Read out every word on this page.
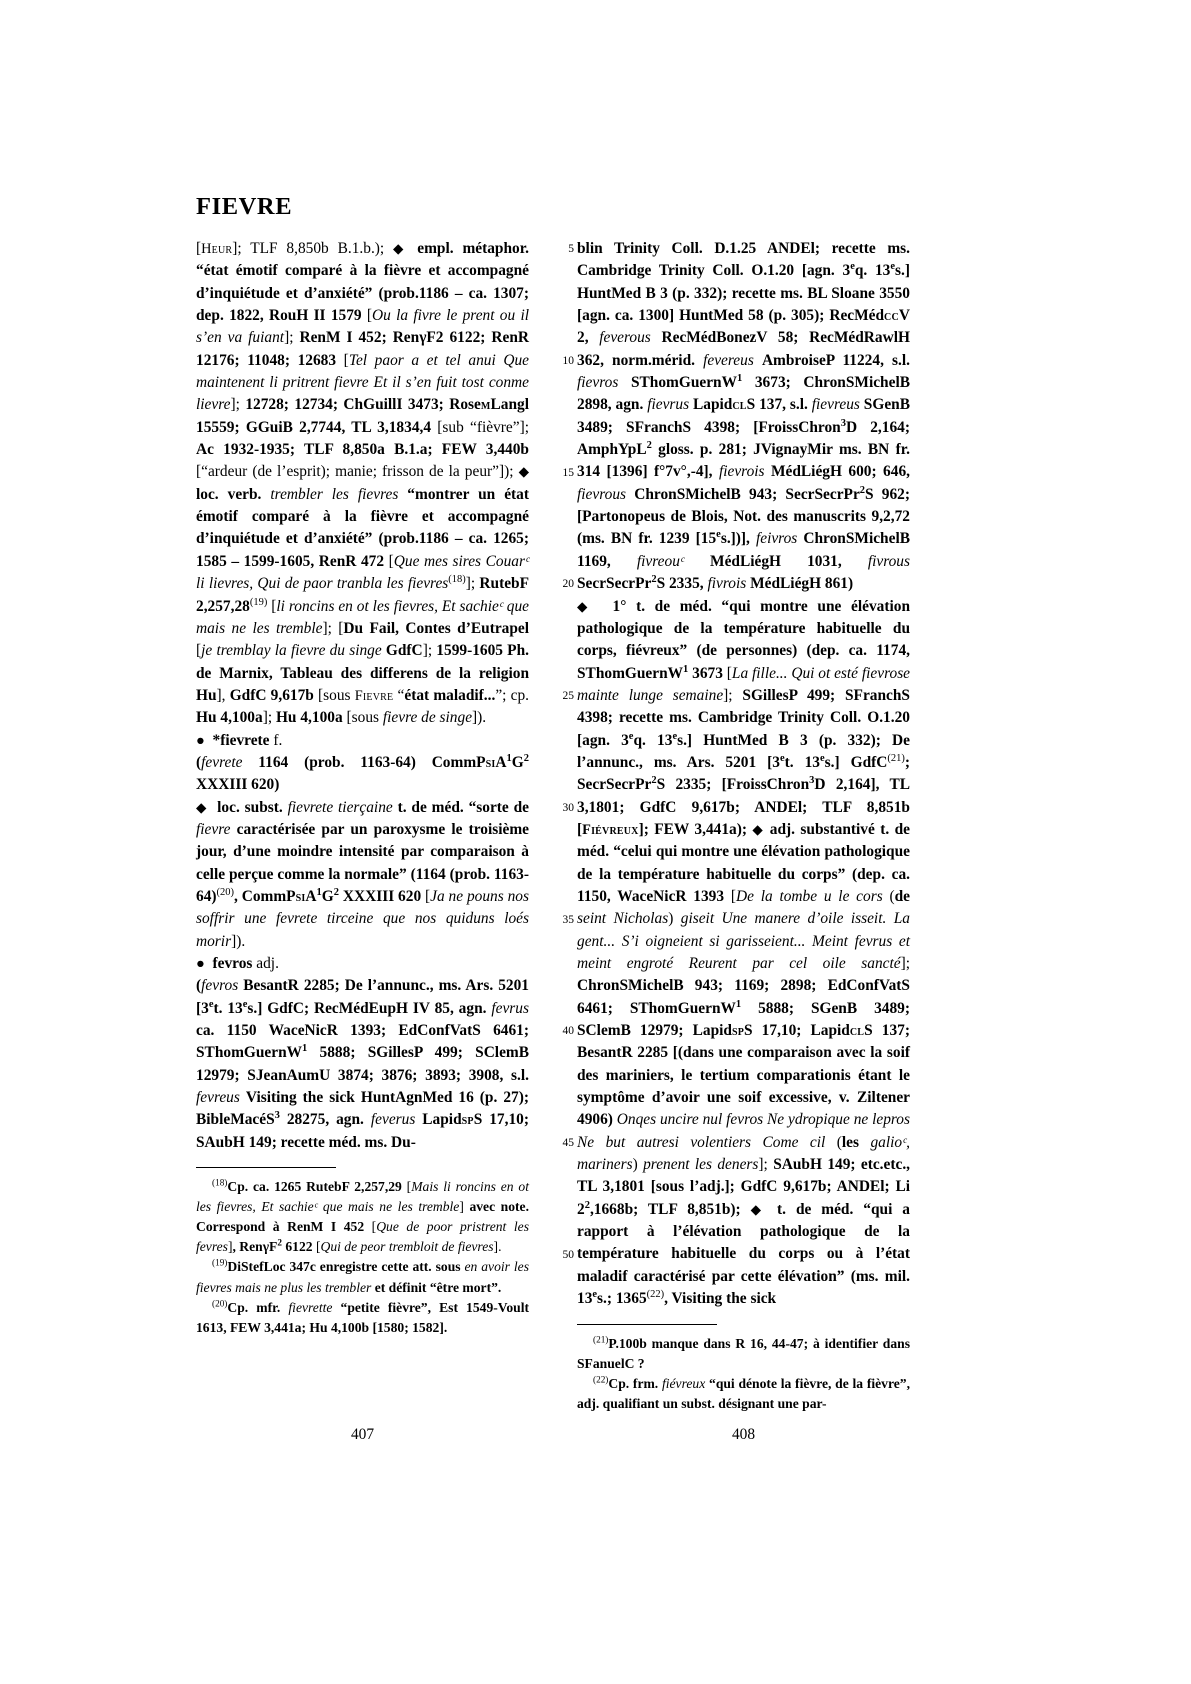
FIEVRE

[Heur]; TLF 8,850b B.1.b.); ◆ empl. métaphor. “état émotif comparé à la fièvre et accompagné d’inquiétude et d’anxiété” (prob.1186 – ca. 1307; dep. 1822, RouH II 1579 [Ou la fivre le prent ou il s’en va fuiant]; RenM I 452; RenγF2 6122; RenR 12176; 11048; 12683 [Tel paor a et tel anui Que maintenent li pritrent fievre Et il s’en fuit tost conme lievre]; 12728; 12734; ChGuillI 3473; RosemLangl 15559; GGuiB 2,7744, TL 3,1834,4 [sub “fièvre”]; Ac 1932-1935; TLF 8,850a B.1.a; FEW 3,440b [“ardeur (de l’esprit); manie; frisson de la peur”]); ◆ loc. verb. trembler les fievres “montrer un état émotif comparé à la fièvre et accompagné d’inquiétude et d’anxiété” (prob.1186 – ca. 1265; 1585 – 1599-1605, RenR 472 [Que mes sires Couarᶜ li lievres, Qui de paor tranbla les fievres$^{(18)}$]; RutebF 2,257,28$^{(19)}$ [li roncins en ot les fievres, Et sachieᶜ que mais ne les tremble]; [Du Fail, Contes d’Eutrapel [je tremblay la fievre du singe GdfC]; 1599-1605 Ph. de Marnix, Tableau des differens de la religion Hu], GdfC 9,617b [sous Fievre “état maladif...”; cp. Hu 4,100a]; Hu 4,100a [sous fievre de singe]).

● *fievrete f.

(fevrete 1164 (prob. 1163-64) $CommPsiA^1G^2$ XXXIII 620)

◆ loc. subst. fievrete tierçaine t. de méd. “sorte de fievre caractérisée par un paroxysme le troisième jour, d’une moindre intensité par comparaison à celle perçue comme la normale” (1164 (prob. 1163-64)$^{(20)}$, $CommPsiA^1G^2$ XXXIII 620 [Ja ne pouns nos soffrir une fevrete tirceine que nos quiduns loés morir]).

● fevros adj.

(fevros BesantR 2285; De l’annunc., ms. Ars. 5201 [3et. 13es.] GdfC; RecMédEupH IV 85, agn. fevrus ca. 1150 WaceNicR 1393; EdConfVatS 6461; SThomGuernW$^1$ 5888; SGillesP 499; SClemB 12979; SJeanAumU 3874; 3876; 3893; 3908, s.l. fevreus Visiting the sick HuntAgnMed 16 (p. 27); BibleMacéS$^3$ 28275, agn. feverus LapidspS 17,10; SAubH 149; recette méd. ms. Du-

$^{(18)}$Cp. ca. 1265 RutebF 2,257,29 [Mais li roncins en ot les fievres, Et sachieᶜ que mais ne les tremble] avec note. Correspond à RenM I 452 [Que de poor pristrent les fevres], RenγF$^2$ 6122 [Qui de peor trembloit de fievres].

$^{(19)}$DiStefLoc 347c enregistre cette att. sous en avoir les fievres mais ne plus les trembler et définit “être mort”.

$^{(20)}$Cp. mfr. fievrette “petite fièvre”, Est 1549-Voult 1613, FEW 3,441a; Hu 4,100b [1580; 1582].

5
10
15
20
25
30
35
40
45
50

blin Trinity Coll. D.1.25 ANDEl; recette ms. Cambridge Trinity Coll. O.1.20 [agn. 3eq. 13es.] HuntMed B 3 (p. 332); recette ms. BL Sloane 3550 [agn. ca. 1300] HuntMed 58 (p. 305); RecMédccV 2, feverous RecMédBonezV 58; RecMédRawlH 362, norm.mérid. fevereus AmbroiseP 11224, s.l. fievros SThomGuernW$^1$ 3673; ChronSMichelB 2898, agn. fievrus LapidclS 137, s.l. fievreus SGenB 3489; SFranchS 4398; [FroissChron$^3$D 2,164; AmphYpL$^2$ gloss. p. 281; JVignayMir ms. BN fr. 314 [1396] f°7v°,-4], fievrois MédLiégH 600; 646, fievrous ChronSMichelB 943; SecrSecrPr$^2$S 962; [Partonopeus de Blois, Not. des manuscrits 9,2,72 (ms. BN fr. 1239 [15es.])], feivros ChronSMichelB 1169, fivreouᶜ MédLiégH 1031, fivrous SecrSecrPr$^2$S 2335, fivrois MédLiégH 861)

◆ 1° t. de méd. “qui montre une élévation pathologique de la température habituelle du corps, fiévreux” (de personnes) (dep. ca. 1174, SThomGuernW$^1$ 3673 [La fille... Qui ot esté fievrose mainte lunge semaine]; SGillesP 499; SFranchS 4398; recette ms. Cambridge Trinity Coll. O.1.20 [agn. 3eq. 13es.] HuntMed B 3 (p. 332); De l’annunc., ms. Ars. 5201 [3et. 13es.] GdfC$^{(21)}$; SecrSecrPr$^2$S 2335; [FroissChron$^3$D 2,164], TL 3,1801; GdfC 9,617b; ANDEl; TLF 8,851b [Fiévreux]; FEW 3,441a); ◆ adj. substantivé t. de méd. “celui qui montre une élévation pathologique de la température habituelle du corps” (dep. ca. 1150, WaceNicR 1393 [De la tombe u le cors (de seint Nicholas) giseit Une manere d’oile isseit. La gent... S’i oigneient si garisseient... Meint fevrus et meint engroté Reurent par cel oile sancté]; ChronSMichelB 943; 1169; 2898; EdConfVatS 6461; SThomGuernW$^1$ 5888; SGenB 3489; SClemB 12979; LapidspS 17,10; LapidclS 137; BesantR 2285 [(dans une comparaison avec la soif des mariniers, le tertium comparationis étant le symptôme d’avoir une soif excessive, v. Ziltener 4906) Onqes uncire nul fevros Ne ydropique ne lepros Ne but autresi volentiers Come cil (les galioᶜ, mariners) prenent les deners]; SAubH 149; etc.etc., TL 3,1801 [sous l’adj.]; GdfC 9,617b; ANDEl; Li $2^2,1668b$; TLF 8,851b); ◆ t. de méd. “qui a rapport à l’élévation pathologique de la température habituelle du corps ou à l’état maladif caractérisé par cette élévation” (ms. mil. 13es.; 1365$^{(22)}$, Visiting the sick

$^{(21)}$P.100b manque dans R 16, 44-47; à identifier dans SFanuelC ?

$^{(22)}$Cp. frm. fiévreux “qui dénote la fièvre, de la fièvre”, adj. qualifiant un subst. désignant une par-

407	408
